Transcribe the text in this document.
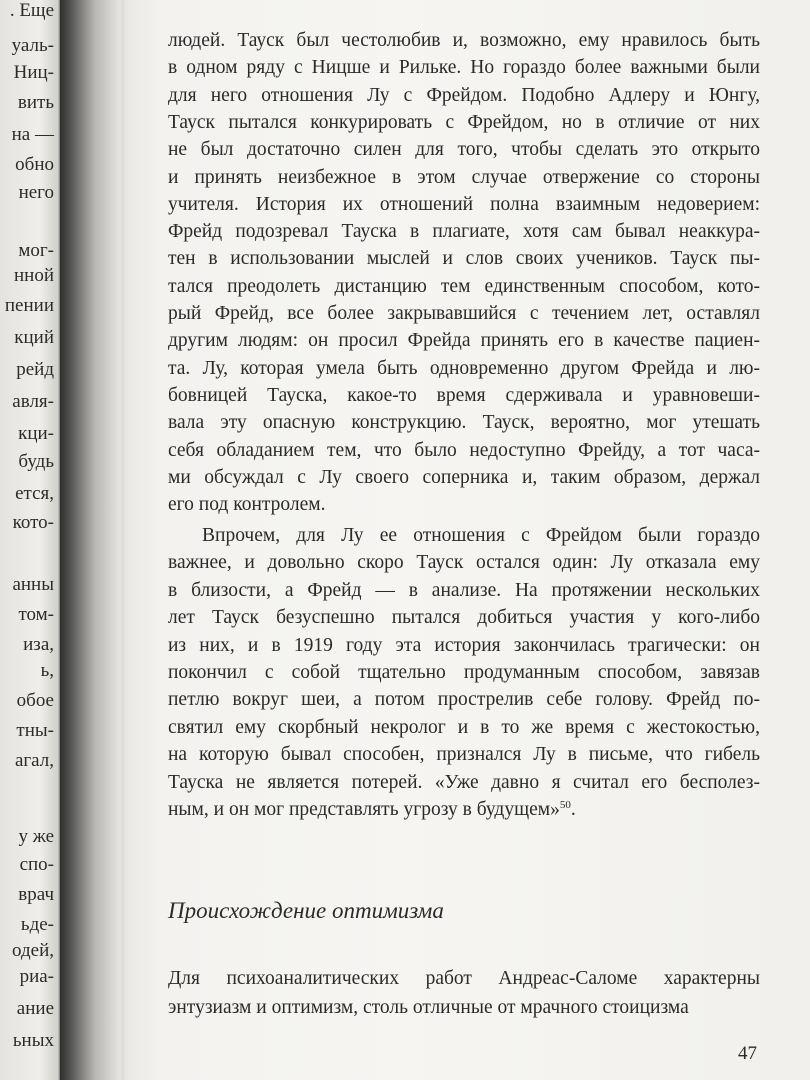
. Еще
уаль-
Ниц-
вить
на —
обно
него
мог-
нной
пении
кций
рейд
авля-
кци-
будь
ется,
кото-
анны
том-
иза,
ь,
обое
тны-
агал,
у же
спо-
врач
ьде-
одей,
риа-
ание
ьных
людей. Тауск был честолюбив и, возможно, ему нравилось быть
в одном ряду с Ницше и Рильке. Но гораздо более важными были
для него отношения Лу с Фрейдом. Подобно Адлеру и Юнгу,
Тауск пытался конкурировать с Фрейдом, но в отличие от них
не был достаточно силен для того, чтобы сделать это открыто
и принять неизбежное в этом случае отвержение со стороны
учителя. История их отношений полна взаимным недоверием:
Фрейд подозревал Тауска в плагиате, хотя сам бывал неаккура-
тен в использовании мыслей и слов своих учеников. Тауск пы-
тался преодолеть дистанцию тем единственным способом, кото-
рый Фрейд, все более закрывавшийся с течением лет, оставлял
другим людям: он просил Фрейда принять его в качестве пациен-
та. Лу, которая умела быть одновременно другом Фрейда и лю-
бовницей Тауска, какое-то время сдерживала и уравновеши-
вала эту опасную конструкцию. Тауск, вероятно, мог утешать
себя обладанием тем, что было недоступно Фрейду, а тот часа-
ми обсуждал с Лу своего соперника и, таким образом, держал
его под контролем.
Впрочем, для Лу ее отношения с Фрейдом были гораздо
важнее, и довольно скоро Тауск остался один: Лу отказала ему
в близости, а Фрейд — в анализе. На протяжении нескольких
лет Тауск безуспешно пытался добиться участия у кого-либо
из них, и в 1919 году эта история закончилась трагически: он
покончил с собой тщательно продуманным способом, завязав
петлю вокруг шеи, а потом прострелив себе голову. Фрейд по-
святил ему скорбный некролог и в то же время с жестокостью,
на которую бывал способен, признался Лу в письме, что гибель
Тауска не является потерей. «Уже давно я считал его бесполез-
ным, и он мог представлять угрозу в будущем»$^{50}$.
Происхождение оптимизма
Для психоаналитических работ Андреас-Саломе характерны
энтузиазм и оптимизм, столь отличные от мрачного стоицизма
47
